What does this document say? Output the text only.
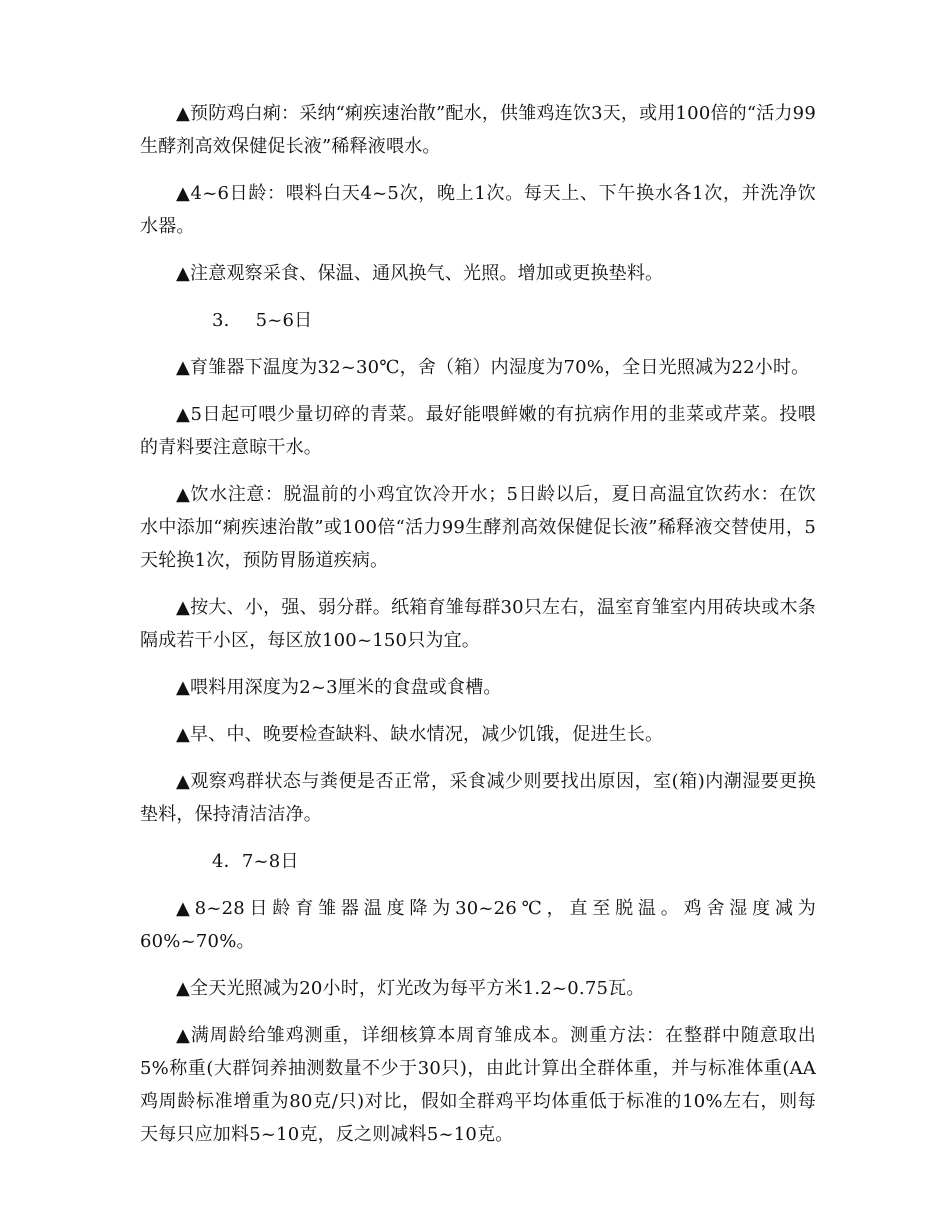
▲预防鸡白痢：采纳“痢疾速治散”配水，供雏鸡连饮3天，或用100倍的“活力99生酵剂高效保健促长液”稀释液喂水。

▲4~6日龄：喂料白天4~5次，晚上1次。每天上、下午换水各1次，并洗净饮水器。

▲注意观察采食、保温、通风换气、光照。增加或更换垫料。

3. 5~6日

▲育雏器下温度为32~30℃，舍（箱）内湿度为70%，全日光照减为22小时。

▲5日起可喂少量切碎的青菜。最好能喂鲜嫩的有抗病作用的韭菜或芹菜。投喂的青料要注意晾干水。

▲饮水注意：脱温前的小鸡宜饮冷开水；5日龄以后，夏日高温宜饮药水：在饮水中添加“痢疾速治散”或100倍“活力99生酵剂高效保健促长液”稀释液交替使用，5天轮换1次，预防胃肠道疾病。

▲按大、小，强、弱分群。纸箱育雏每群30只左右，温室育雏室内用砖块或木条隔成若干小区，每区放100~150只为宜。

▲喂料用深度为2~3厘米的食盘或食槽。

▲早、中、晚要检查缺料、缺水情况，减少饥饿，促进生长。

▲观察鸡群状态与粪便是否正常，采食减少则要找出原因，室(箱)内潮湿要更换垫料，保持清洁洁净。

4．7~8日

▲8~28日龄育雏器温度降为30~26℃，直至脱温。鸡舍湿度减为60%~70%。

▲全天光照减为20小时，灯光改为每平方米1.2~0.75瓦。

▲满周龄给雏鸡测重，详细核算本周育雏成本。测重方法：在整群中随意取出5%称重(大群饲养抽测数量不少于30只)，由此计算出全群体重，并与标准体重(AA鸡周龄标准增重为80克/只)对比，假如全群鸡平均体重低于标准的10%左右，则每天每只应加料5~10克，反之则减料5~10克。
